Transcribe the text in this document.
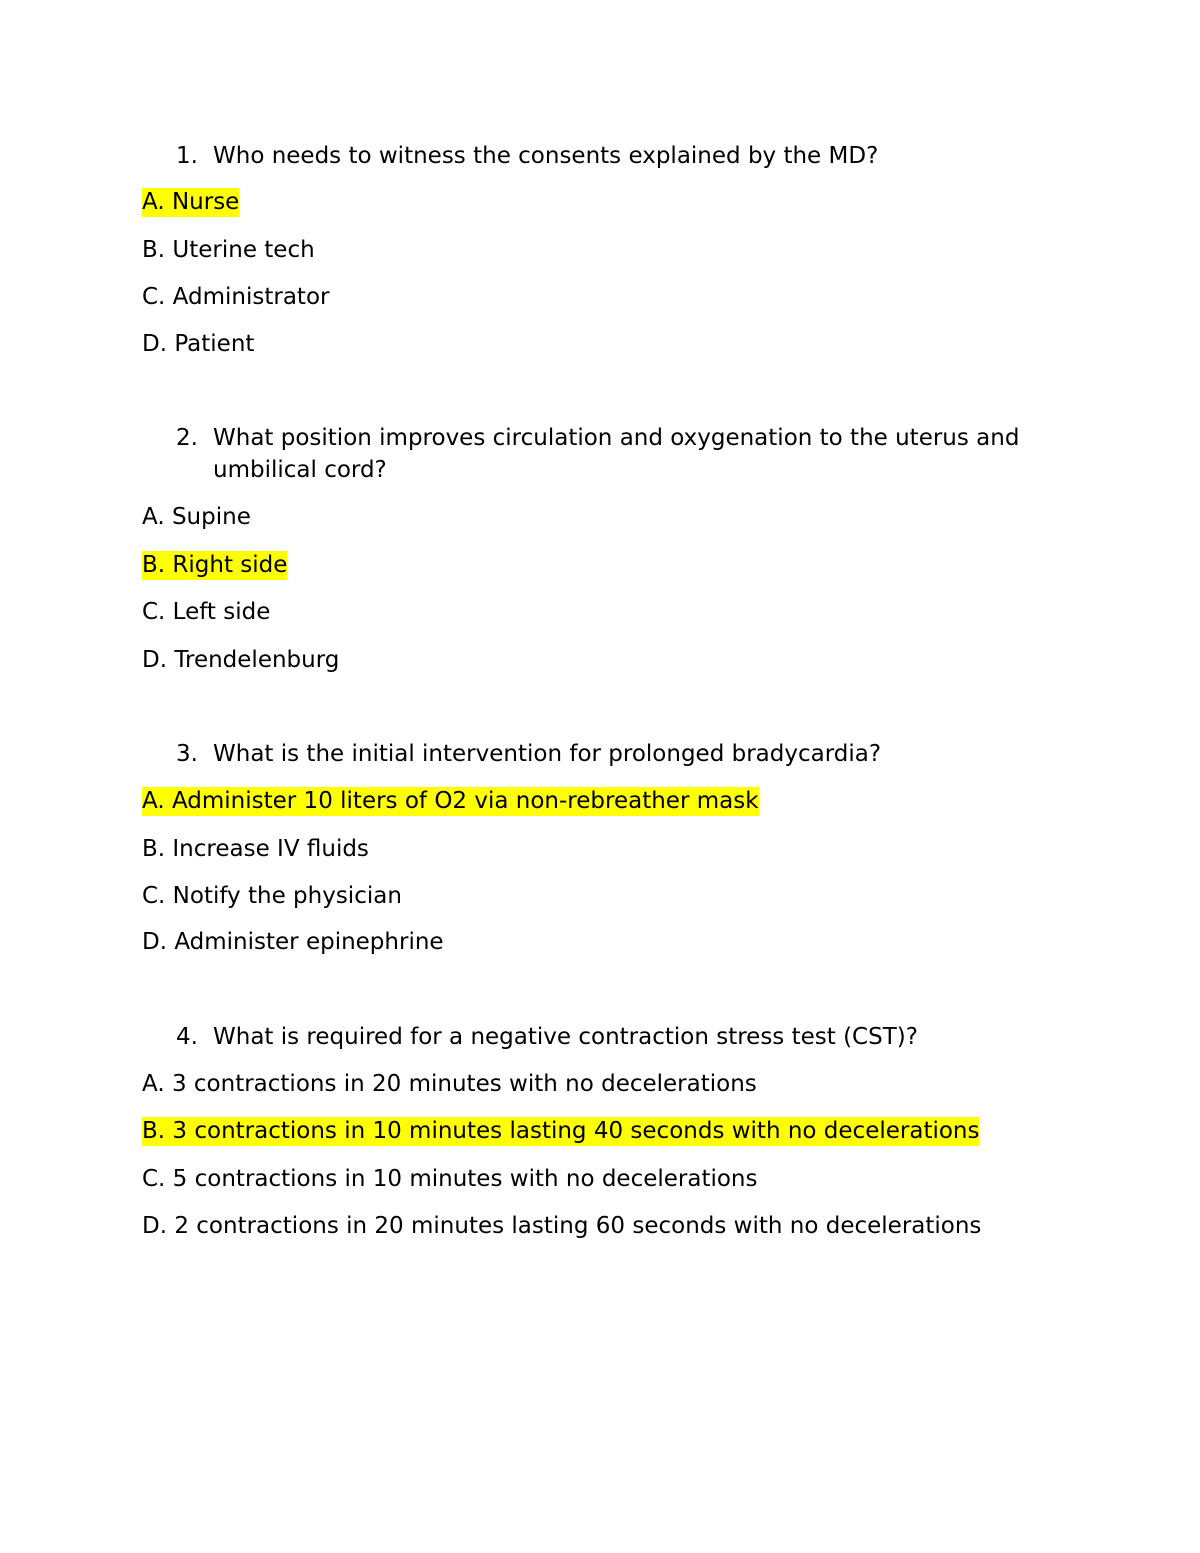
1. Who needs to witness the consents explained by the MD?
A. Nurse
B. Uterine tech
C. Administrator
D. Patient
2. What position improves circulation and oxygenation to the uterus and umbilical cord?
A. Supine
B. Right side
C. Left side
D. Trendelenburg
3. What is the initial intervention for prolonged bradycardia?
A. Administer 10 liters of O2 via non-rebreather mask
B. Increase IV fluids
C. Notify the physician
D. Administer epinephrine
4. What is required for a negative contraction stress test (CST)?
A. 3 contractions in 20 minutes with no decelerations
B. 3 contractions in 10 minutes lasting 40 seconds with no decelerations
C. 5 contractions in 10 minutes with no decelerations
D. 2 contractions in 20 minutes lasting 60 seconds with no decelerations
